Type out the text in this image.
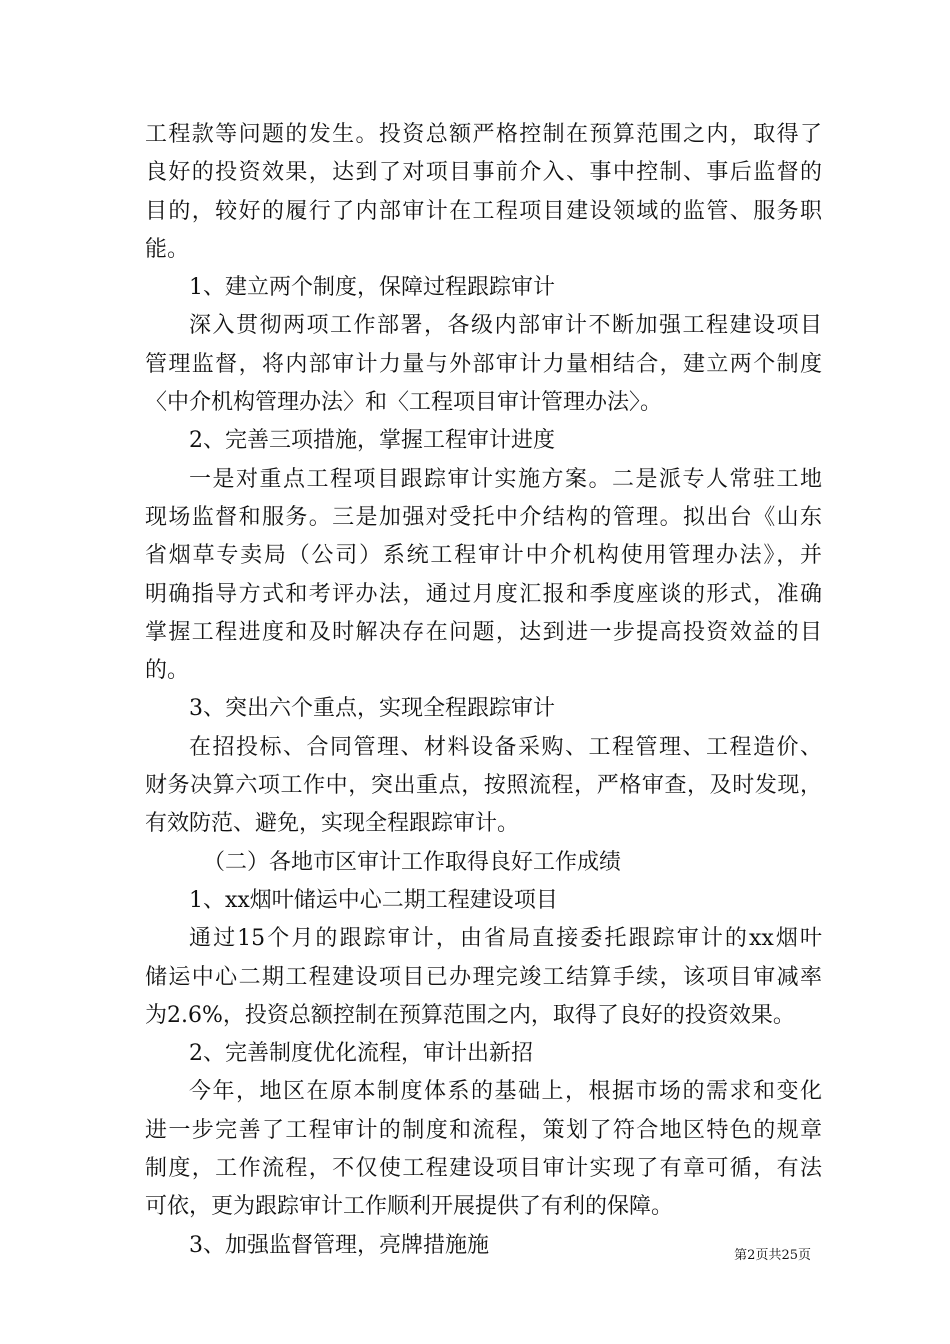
工程款等问题的发生。投资总额严格控制在预算范围之内，取得了
良好的投资效果，达到了对项目事前介入、事中控制、事后监督的
目的，较好的履行了内部审计在工程项目建设领域的监管、服务职
能。
1、建立两个制度，保障过程跟踪审计
深入贯彻两项工作部署，各级内部审计不断加强工程建设项目
管理监督，将内部审计力量与外部审计力量相结合，建立两个制度
〈中介机构管理办法〉和〈工程项目审计管理办法〉。
2、完善三项措施，掌握工程审计进度
一是对重点工程项目跟踪审计实施方案。二是派专人常驻工地
现场监督和服务。三是加强对受托中介结构的管理。拟出台《山东
省烟草专卖局（公司）系统工程审计中介机构使用管理办法》，并
明确指导方式和考评办法，通过月度汇报和季度座谈的形式，准确
掌握工程进度和及时解决存在问题，达到进一步提高投资效益的目
的。
3、突出六个重点，实现全程跟踪审计
在招投标、合同管理、材料设备采购、工程管理、工程造价、
财务决算六项工作中，突出重点，按照流程，严格审查，及时发现，
有效防范、避免，实现全程跟踪审计。
（二）各地市区审计工作取得良好工作成绩
1、xx烟叶储运中心二期工程建设项目
通过15个月的跟踪审计，由省局直接委托跟踪审计的xx烟叶
储运中心二期工程建设项目已办理完竣工结算手续，该项目审减率
为2.6%，投资总额控制在预算范围之内，取得了良好的投资效果。
2、完善制度优化流程，审计出新招
今年，地区在原本制度体系的基础上，根据市场的需求和变化
进一步完善了工程审计的制度和流程，策划了符合地区特色的规章
制度，工作流程，不仅使工程建设项目审计实现了有章可循，有法
可依，更为跟踪审计工作顺利开展提供了有利的保障。
3、加强监督管理，亮牌措施施	第2页共25页
